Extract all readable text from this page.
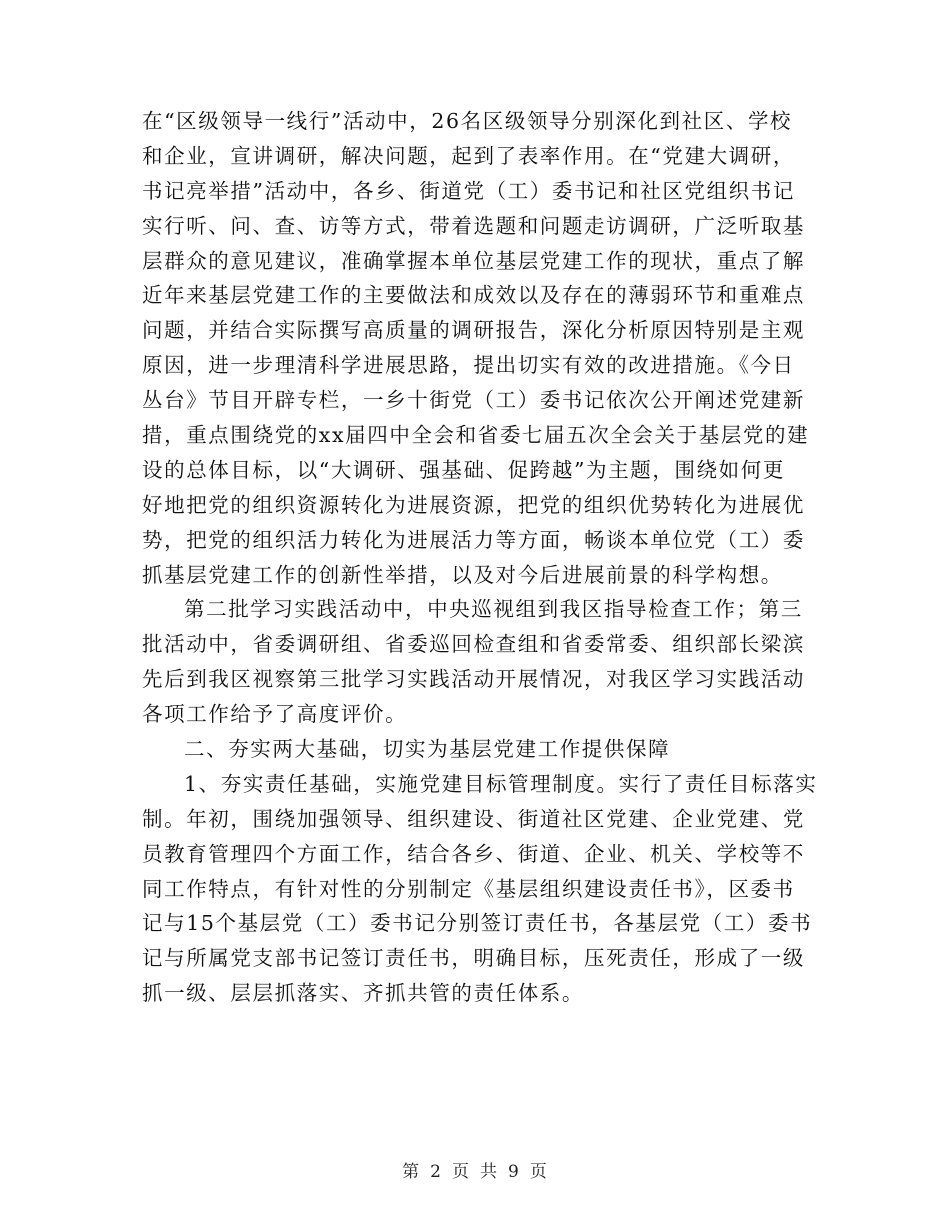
在“区级领导一线行”活动中，26名区级领导分别深化到社区、学校

和企业，宣讲调研，解决问题，起到了表率作用。在“党建大调研，

书记亮举措”活动中，各乡、街道党（工）委书记和社区党组织书记

实行听、问、查、访等方式，带着选题和问题走访调研，广泛听取基

层群众的意见建议，准确掌握本单位基层党建工作的现状，重点了解

近年来基层党建工作的主要做法和成效以及存在的薄弱环节和重难点

问题，并结合实际撰写高质量的调研报告，深化分析原因特别是主观

原因，进一步理清科学进展思路，提出切实有效的改进措施。《今日

丛台》节目开辟专栏，一乡十街党（工）委书记依次公开阐述党建新

措，重点围绕党的xx届四中全会和省委七届五次全会关于基层党的建

设的总体目标，以“大调研、强基础、促跨越”为主题，围绕如何更

好地把党的组织资源转化为进展资源，把党的组织优势转化为进展优

势，把党的组织活力转化为进展活力等方面，畅谈本单位党（工）委

抓基层党建工作的创新性举措，以及对今后进展前景的科学构想。

第二批学习实践活动中，中央巡视组到我区指导检查工作；第三

批活动中，省委调研组、省委巡回检查组和省委常委、组织部长梁滨

先后到我区视察第三批学习实践活动开展情况，对我区学习实践活动

各项工作给予了高度评价。

二、夯实两大基础，切实为基层党建工作提供保障

1、夯实责任基础，实施党建目标管理制度。实行了责任目标落实

制。年初，围绕加强领导、组织建设、街道社区党建、企业党建、党

员教育管理四个方面工作，结合各乡、街道、企业、机关、学校等不

同工作特点，有针对性的分别制定《基层组织建设责任书》，区委书

记与15个基层党（工）委书记分别签订责任书，各基层党（工）委书

记与所属党支部书记签订责任书，明确目标，压死责任，形成了一级

抓一级、层层抓落实、齐抓共管的责任体系。

第 2 页 共 9 页
